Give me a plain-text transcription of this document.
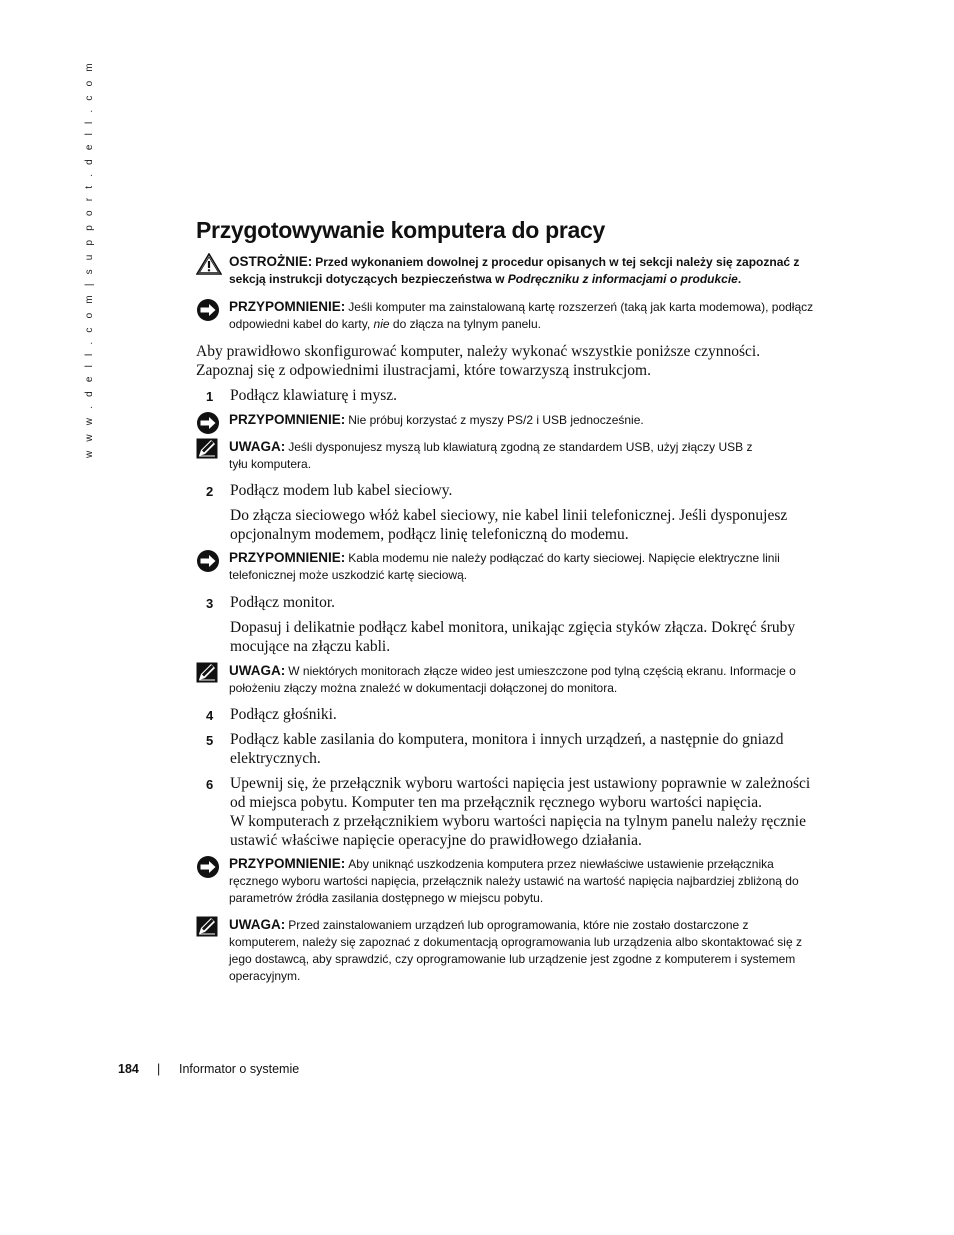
w w w . d e l l . c o m | s u p p o r t . d e l l . c o m	Przygotowywanie komputera do pracy
OSTROŻNIE: Przed wykonaniem dowolnej z procedur opisanych w tej sekcji należy się zapoznać z sekcją instrukcji dotyczących bezpieczeństwa w Podręczniku z informacjami o produkcie.
PRZYPOMNIENIE: Jeśli komputer ma zainstalowaną kartę rozszerzeń (taką jak karta modemowa), podłącz odpowiedni kabel do karty, nie do złącza na tylnym panelu.

Aby prawidłowo skonfigurować komputer, należy wykonać wszystkie poniższe czynności. Zapoznaj się z odpowiednimi ilustracjami, które towarzyszą instrukcjom.

1 Podłącz klawiaturę i mysz.
PRZYPOMNIENIE: Nie próbuj korzystać z myszy PS/2 i USB jednocześnie.
UWAGA: Jeśli dysponujesz myszą lub klawiaturą zgodną ze standardem USB, użyj złączy USB z tyłu komputera.
2 Podłącz modem lub kabel sieciowy.

Do złącza sieciowego włóż kabel sieciowy, nie kabel linii telefonicznej. Jeśli dysponujesz opcjonalnym modemem, podłącz linię telefoniczną do modemu.

PRZYPOMNIENIE: Kabla modemu nie należy podłączać do karty sieciowej. Napięcie elektryczne linii telefonicznej może uszkodzić kartę sieciową.
3 Podłącz monitor.

Dopasuj i delikatnie podłącz kabel monitora, unikając zgięcia styków złącza. Dokręć śruby mocujące na złączu kabli.

UWAGA: W niektórych monitorach złącze wideo jest umieszczone pod tylną częścią ekranu. Informacje o położeniu złączy można znaleźć w dokumentacji dołączonej do monitora.
4 Podłącz głośniki.
5 Podłącz kable zasilania do komputera, monitora i innych urządzeń, a następnie do gniazd elektrycznych.
6 Upewnij się, że przełącznik wyboru wartości napięcia jest ustawiony poprawnie w zależności od miejsca pobytu. Komputer ten ma przełącznik ręcznego wyboru wartości napięcia.
W komputerach z przełącznikiem wyboru wartości napięcia na tylnym panelu należy ręcznie ustawić właściwe napięcie operacyjne do prawidłowego działania.
PRZYPOMNIENIE: Aby uniknąć uszkodzenia komputera przez niewłaściwe ustawienie przełącznika ręcznego wyboru wartości napięcia, przełącznik należy ustawić na wartość napięcia najbardziej zbliżoną do parametrów źródła zasilania dostępnego w miejscu pobytu.
UWAGA: Przed zainstalowaniem urządzeń lub oprogramowania, które nie zostało dostarczone z komputerem, należy się zapoznać z dokumentacją oprogramowania lub urządzenia albo skontaktować się z jego dostawcą, aby sprawdzić, czy oprogramowanie lub urządzenie jest zgodne z komputerem i systemem operacyjnym.
184 | Informator o systemie
